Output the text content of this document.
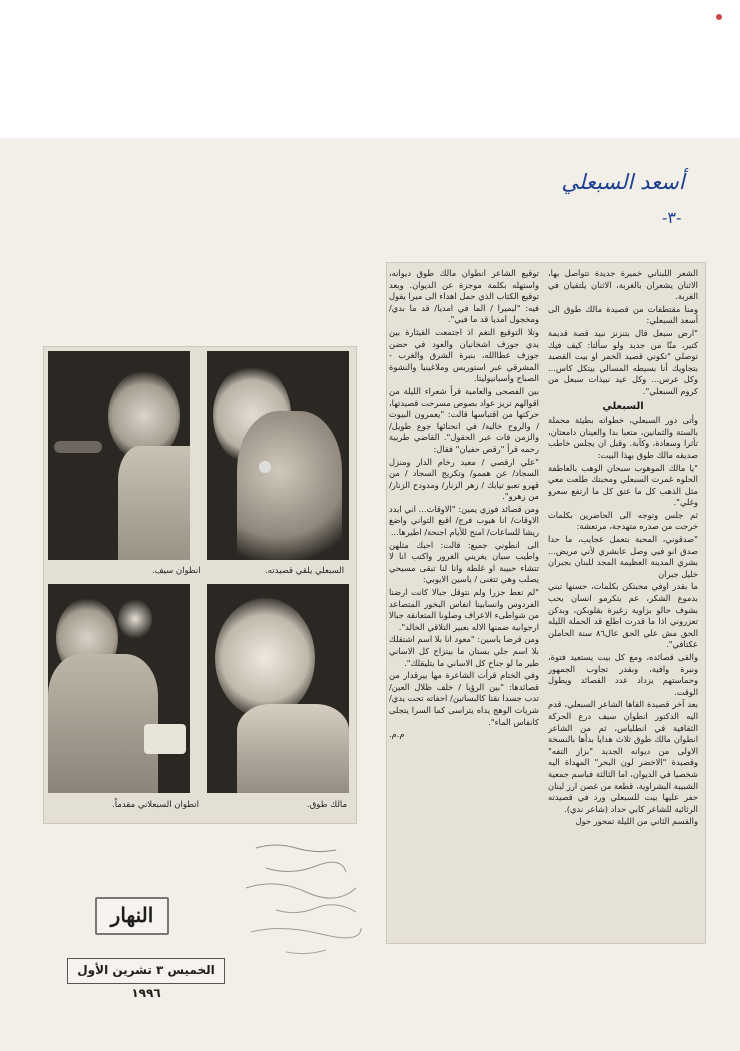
أسعد السبعلي
-٣-

الشعر اللبناني خميرة جديدة تتواصل بها، الاثنان يشعران بالغربة، الاثنان يلتقيان في الغربة.

ومنا مقتطفات من قصيدة مالك طوق الى أسعد السبعلي:

"ارض سبعل قال بتنزنز نبيد قصة قديمة كتير، منّا من جديد ولو سألتا: كيف فيك توصلي "تكوني قصيد الخمر او بيت القصيد بتجاويك أنا بسيطه المسالي بيتكل كاس... وكل عرس... وكل عيد نبيذات سبعل من كروم السبعلي".

السبعلي

وأتى دور السبعلي، خطواته بطيئة محملة بالستة والثمانين، متعبا بدا والعينان دامعتان، تأثرا وسعادة، وكآبة. وقبل ان يجلس خاطب صديقه مالك طوق بهذا البيت:

"يا مالك الموهوب سبحان الوهب بالعاطفة الحلوه غمرت السبعلي ومحبتك طلعت معي مثل الذهب كل ما عتق كل ما ارتفع سعرو وغلي".

ثم جلس وتوجه الى الحاضرين بكلمات خرجت من صدره متهدجة، مرتعشة:

"صدقوني، المحبة بتعمل عجايب، ما حدا صدق انو فيي وصل عابشري لأني مريض... بشري المدينة العظيمة المجد للبنان بجبران خليل جبران

ما بقدر اوفي محبتكن بكلمات، حسنها تبني بدموع الشكر، عم بتكرمو انسان بحب بشوف حالو بزاوية زغيرة بقلوبكن، وبدكن تعزروني اذا ما قدرت اطلع قد الحملة الليله الحق مش علي الحق عال٨٦ سنة الحاملن عكتافي".

والقى قصائده، ومع كل بيت يستعيد فتوة، ونبرة وافية، وبقدر تجاوب الجمهور وحماستهم يزداد عدد القصائد ويطول الوقت.

بعد آخر قصيدة القاها الشاعر السبعلي، قدم اليه الدكتور انطوان سيف درع الحركة الثقافية في انطلياس، ثم من الشاعر انطوان مالك طوق ثلاث هدايا بدأها بالنسخة الاولى من ديوانه الجديد "بزاز التفه" وقصيدة "الاخضر لون البحر" المهداة اليه شخصيا في الديوان، اما الثالثة فباسم جمعية الشبيبة البشراوية، قطعة من غصن ارز لبنان حفر عليها بيت للسبعلي ورد في قصيدته الرثائية للشاعر كابي حداد (شاعر ندي).

والقسم الثاني من الليلة تمحور حول

توقيع الشاعر انطوان مالك طوق ديوانه، واستهله بكلمة موجزة عن الديوان. وبعد توقيع الكتاب الذي حمل اهداء الى ميرا يقول فيه: "ليميرا / الما في امديا/ قد ما بدي/ ومخجول امديا قد ما فيي".

وتلا التوقيع النغم اذ اجتمعت القيثارة بين يدي جوزف اشخانيان والعود في حضن جوزف عطاالله، بنبرة الشرق والغرب - المشرقي عبر استوريس وملاغينيا والنشوة الصباح واسبانيوليتا.

بين الفصحى والعامية قرأ شعراء الليلة من اقوالهم تريز عواد بصوص مسرحت قصيدتها، حركتها من اقتباسها قالت: "يعمرون البيوت / والروح خالية/ في انحنائها جوع طويل/ والزمن فات عبر الحقول". القاضي طربية رحمه قرأ "رقص حفيان" فقال:

"علي ارقصي / معيد رخام الدار ومنزل السجاد/ عن هممو/ وتكريج السجاد / من قهرو تعبو تيابك / زهر الزنار/ ومدودح الزنار/ من زهرو".

ومن قصائد فوزي يمين: "الاوقات... اني ابدد الاوقات/ انا هبوب فرج/ اقبع التواني واضع ريشا للساعات/ امنح للأيام اجنحة/ اطيرها...

الى انطوني جميع: قالت: احبك مثلهن واطيب سيان يغريني الغرور واكتب انا لا تتشاء حبيبة او غلطة وانا لنا تبقى مسيحي يصلب وهي تتغنى / ياسين الايوبي:

"لم نعط جزرا ولم نتوقل جبالا كانت ارضنا الفردوس وانسابينا انفاس البخور المتصاعد من شواطىء الاعراف وصلونا المتعانقة جبالا ارجوانية ضمنها الاله بعبير التلاقي الخالد".

ومن قرضا ياسين: "معود انا بلا اسم اشتقلك بلا اسم جلي بستان ما بيتزاح كل الاساني طير ما لو جناح كل الاساني ما بتليقلك".

وفي الختام قرأت الشاعرة مها بيرقدار من قصائدها: "بين الرؤيا / خلف ظلال العين/ تدب جسدا نقتا كالبساتين/ احفاته تحت يدي/ شريات الوهج يداه يتراسى كما السرا يتجلى كانفاس الماء".

م.م.

السبعلي يلقي قصيدته.
انطوان سيف.
مالك طوق.
انطوان السبعلاني مقدماً.
النهار
الخميس ٣ تشرين الأول ١٩٩٦
